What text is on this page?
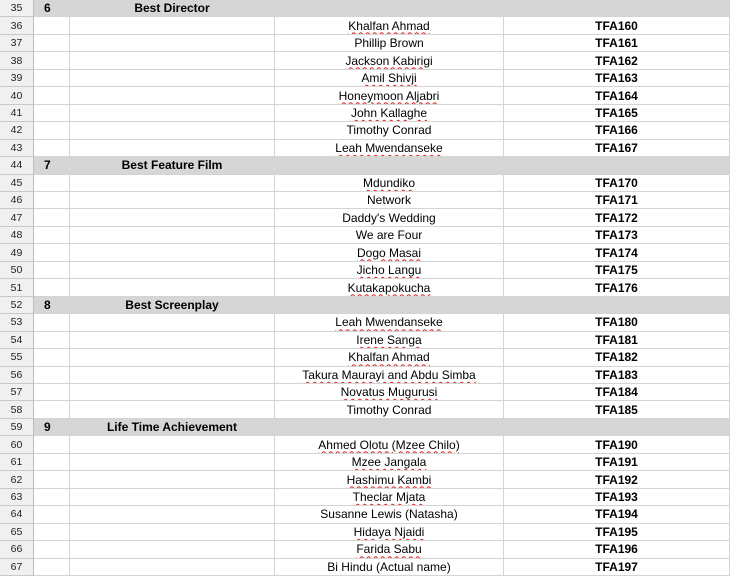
35	6	Best Director
36	Khalfan Ahmad	TFA160
37	Phillip Brown	TFA161
38	Jackson Kabirigi	TFA162
39	Amil Shivji	TFA163
40	Honeymoon Aljabri	TFA164
41	John Kallaghe	TFA165
42	Timothy Conrad	TFA166
43	Leah Mwendanseke	TFA167
44	7	Best Feature Film
45	Mdundiko	TFA170
46	Network	TFA171
47	Daddy's Wedding	TFA172
48	We are Four	TFA173
49	Dogo Masai	TFA174
50	Jicho Langu	TFA175
51	Kutakapokucha	TFA176
52	8	Best Screenplay
53	Leah Mwendanseke	TFA180
54	Irene Sanga	TFA181
55	Khalfan Ahmad	TFA182
56	Takura Maurayi and Abdu Simba	TFA183
57	Novatus Mugurusi	TFA184
58	Timothy Conrad	TFA185
59	9	Life Time Achievement
60	Ahmed Olotu (Mzee Chilo)	TFA190
61	Mzee Jangala	TFA191
62	Hashimu Kambi	TFA192
63	Theclar Mjata	TFA193
64	Susanne Lewis (Natasha)	TFA194
65	Hidaya Njaidi	TFA195
66	Farida Sabu	TFA196
67	Bi Hindu (Actual name)	TFA197
